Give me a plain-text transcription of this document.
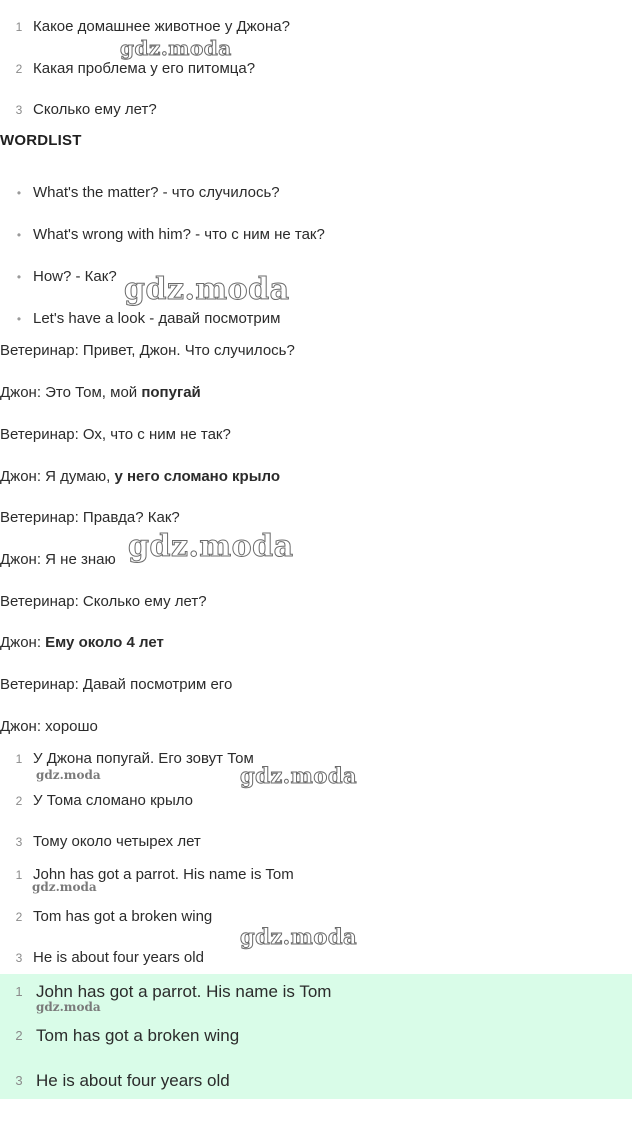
1 Какое домашнее животное у Джона?
2 Какая проблема у его питомца?
3 Сколько ему лет?
WORDLIST
• What's the matter? - что случилось?
• What's wrong with him? - что с ним не так?
• How? - Как?
• Let's have a look - давай посмотрим
Ветеринар: Привет, Джон. Что случилось?
Джон: Это Том, мой попугай
Ветеринар: Ох, что с ним не так?
Джон: Я думаю, у него сломано крыло
Ветеринар: Правда? Как?
Джон: Я не знаю
Ветеринар: Сколько ему лет?
Джон: Ему около 4 лет
Ветеринар: Давай посмотрим его
Джон: хорошо
1 У Джона попугай. Его зовут Том
2 У Тома сломано крыло
3 Тому около четырех лет
1 John has got a parrot. His name is Tom
2 Tom has got a broken wing
3 He is about four years old
1 John has got a parrot. His name is Tom
2 Tom has got a broken wing
3 He is about four years old
gdz.moda
gdz.moda
gdz.moda
gdz.moda
gdz.moda
gdz.moda
gdz.moda
gdz.moda
